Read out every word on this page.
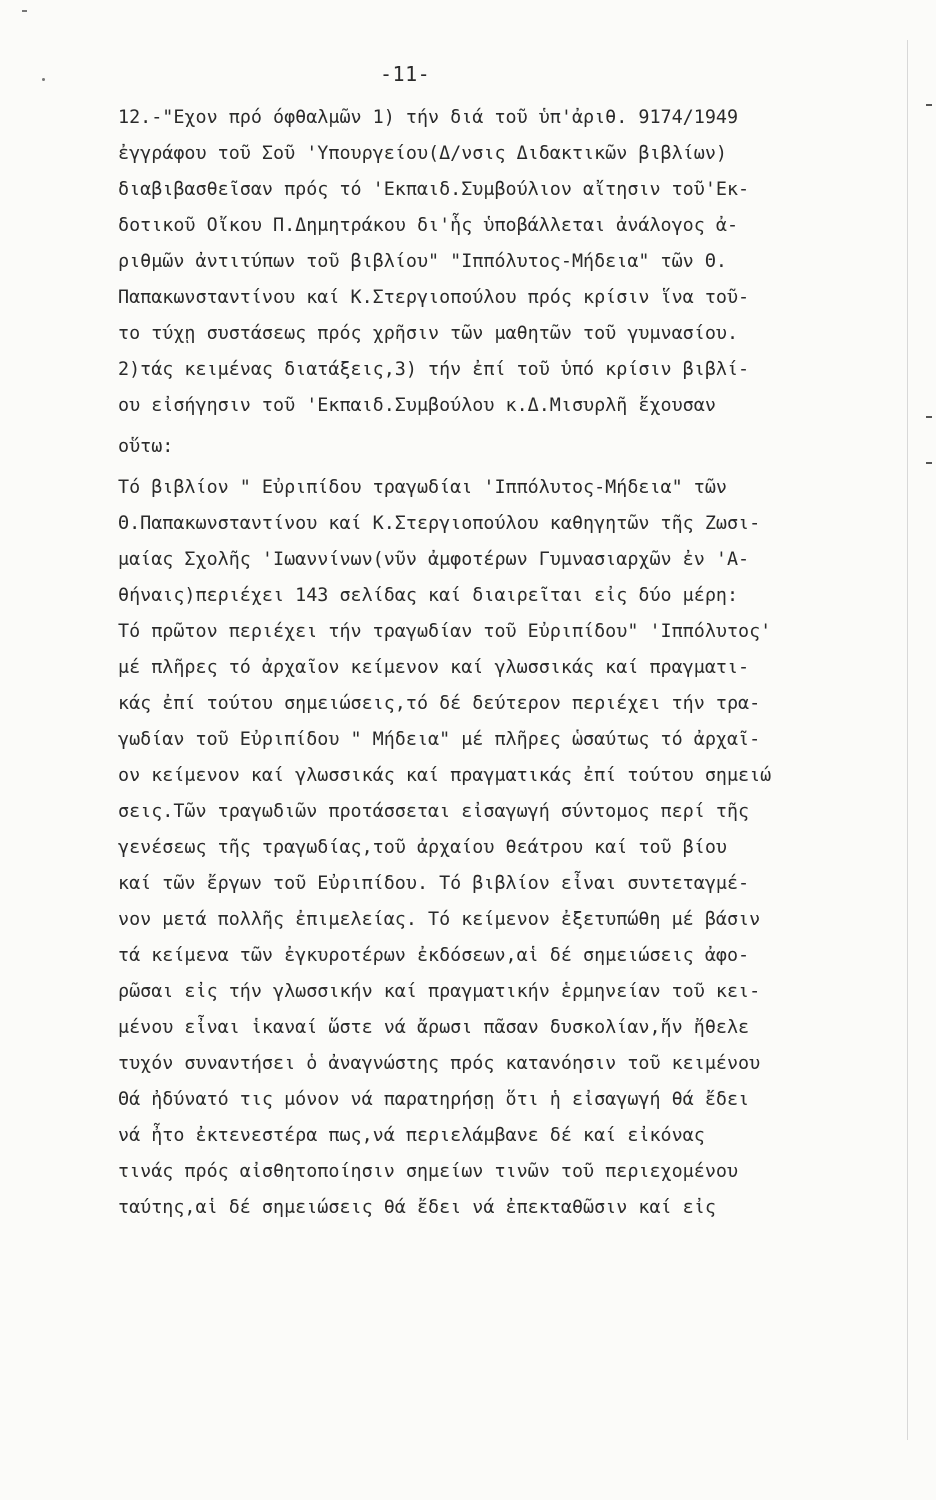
-11-
12.-"Εχον πρό όφθαλμῶν 1) τήν διά τοῦ ὑπ'ἀριθ. 9174/1949
ἐγγράφου τοῦ Σοῦ 'Υπουργείου(Δ/νσις Διδακτικῶν βιβλίων)
διαβιβασθεῖσαν πρός τό 'Εκπαιδ.Συμβούλιον αἴτησιν τοῦ'Εκ-
δοτικοῦ Οἴκου Π.Δημητράκου δι'ἧς ὑποβάλλεται ἀνάλογος ἀ-
ριθμῶν ἀντιτύπων τοῦ βιβλίου" "Ιππόλυτος-Μήδεια" τῶν Θ.
Παπακωνσταντίνου καί Κ.Στεργιοπούλου πρός κρίσιν ἵνα τοῦ-
το τύχῃ συστάσεως πρός χρῆσιν τῶν μαθητῶν τοῦ γυμνασίου.
2)τάς κειμένας διατάξεις,3) τήν ἐπί τοῦ ὑπό κρίσιν βιβλί-
ου εἰσήγησιν τοῦ 'Εκπαιδ.Συμβούλου κ.Δ.Μισυρλῆ ἔχουσαν
οὕτω:
Τό βιβλίον " Εὐριπίδου τραγωδίαι 'Ιππόλυτος-Μήδεια" τῶν
Θ.Παπακωνσταντίνου καί Κ.Στεργιοπούλου καθηγητῶν τῆς Ζωσι-
μαίας Σχολῆς 'Ιωαννίνων(νῦν ἀμφοτέρων Γυμνασιαρχῶν ἐν 'Α-
θήναις)περιέχει 143 σελίδας καί διαιρεῖται εἰς δύο μέρη:
Τό πρῶτον περιέχει τήν τραγωδίαν τοῦ Εὐριπίδου" 'Ιππόλυτος'
μέ πλῆρες τό ἀρχαῖον κείμενον καί γλωσσικάς καί πραγματι-
κάς ἐπί τούτου σημειώσεις,τό δέ δεύτερον περιέχει τήν τρα-
γωδίαν τοῦ Εὐριπίδου " Μήδεια" μέ πλῆρες ὡσαύτως τό ἀρχαῖ-
ον κείμενον καί γλωσσικάς καί πραγματικάς ἐπί τούτου σημειώ
σεις.Τῶν τραγωδιῶν προτάσσεται εἰσαγωγή σύντομος περί τῆς
γενέσεως τῆς τραγωδίας,τοῦ ἀρχαίου θεάτρου καί τοῦ βίου
καί τῶν ἔργων τοῦ Εὐριπίδου. Τό βιβλίον εἶναι συντεταγμέ-
νον μετά πολλῆς ἐπιμελείας. Τό κείμενον ἐξετυπώθη μέ βάσιν
τά κείμενα τῶν ἐγκυροτέρων ἐκδόσεων,αἱ δέ σημειώσεις ἀφο-
ρῶσαι εἰς τήν γλωσσικήν καί πραγματικήν ἑρμηνείαν τοῦ κει-
μένου εἶναι ἱκαναί ὥστε νά ἄρωσι πᾶσαν δυσκολίαν,ἥν ἤθελε
τυχόν συναντήσει ὁ ἀναγνώστης πρός κατανόησιν τοῦ κειμένου
Θά ἠδύνατό τις μόνον νά παρατηρήσῃ ὅτι ἡ εἰσαγωγή θά ἔδει
νά ἦτο ἐκτενεστέρα πως,νά περιελάμβανε δέ καί εἰκόνας
τινάς πρός αἰσθητοποίησιν σημείων τινῶν τοῦ περιεχομένου
ταύτης,αἱ δέ σημειώσεις θά ἔδει νά ἐπεκταθῶσιν καί εἰς
